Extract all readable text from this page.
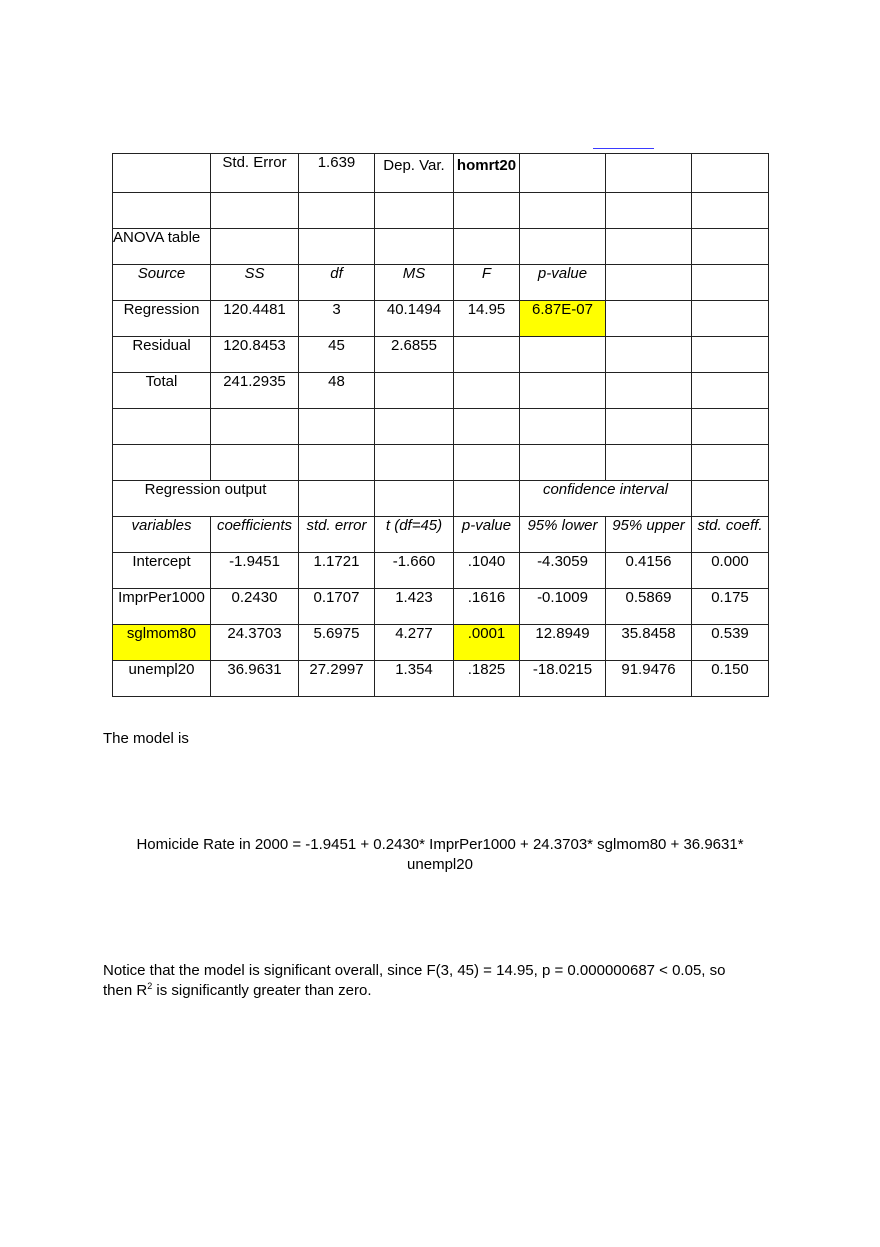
	Std. Error	1.639	Dep. Var.	homrt20			

ANOVA table							
Source	SS	df	MS	F	p-value		
Regression	120.4481	3	40.1494	14.95	6.87E-07		
Residual	120.8453	45	2.6855				
Total	241.2935	48					

Regression output					confidence interval		
variables	coefficients	std. error	t (df=45)	p-value	95% lower	95% upper	std. coeff.
Intercept	-1.9451	1.1721	-1.660	.1040	-4.3059	0.4156	0.000
ImprPer1000	0.2430	0.1707	1.423	.1616	-0.1009	0.5869	0.175
sglmom80	24.3703	5.6975	4.277	.0001	12.8949	35.8458	0.539
unempl20	36.9631	27.2997	1.354	.1825	-18.0215	91.9476	0.150
The model is
Homicide Rate in 2000 = -1.9451 + 0.2430* ImprPer1000 + 24.3703* sglmom80 + 36.9631*
unempl20
Notice that the model is significant overall, since F(3, 45) = 14.95, p = 0.000000687 < 0.05, so
then $R^2$ is significantly greater than zero.
